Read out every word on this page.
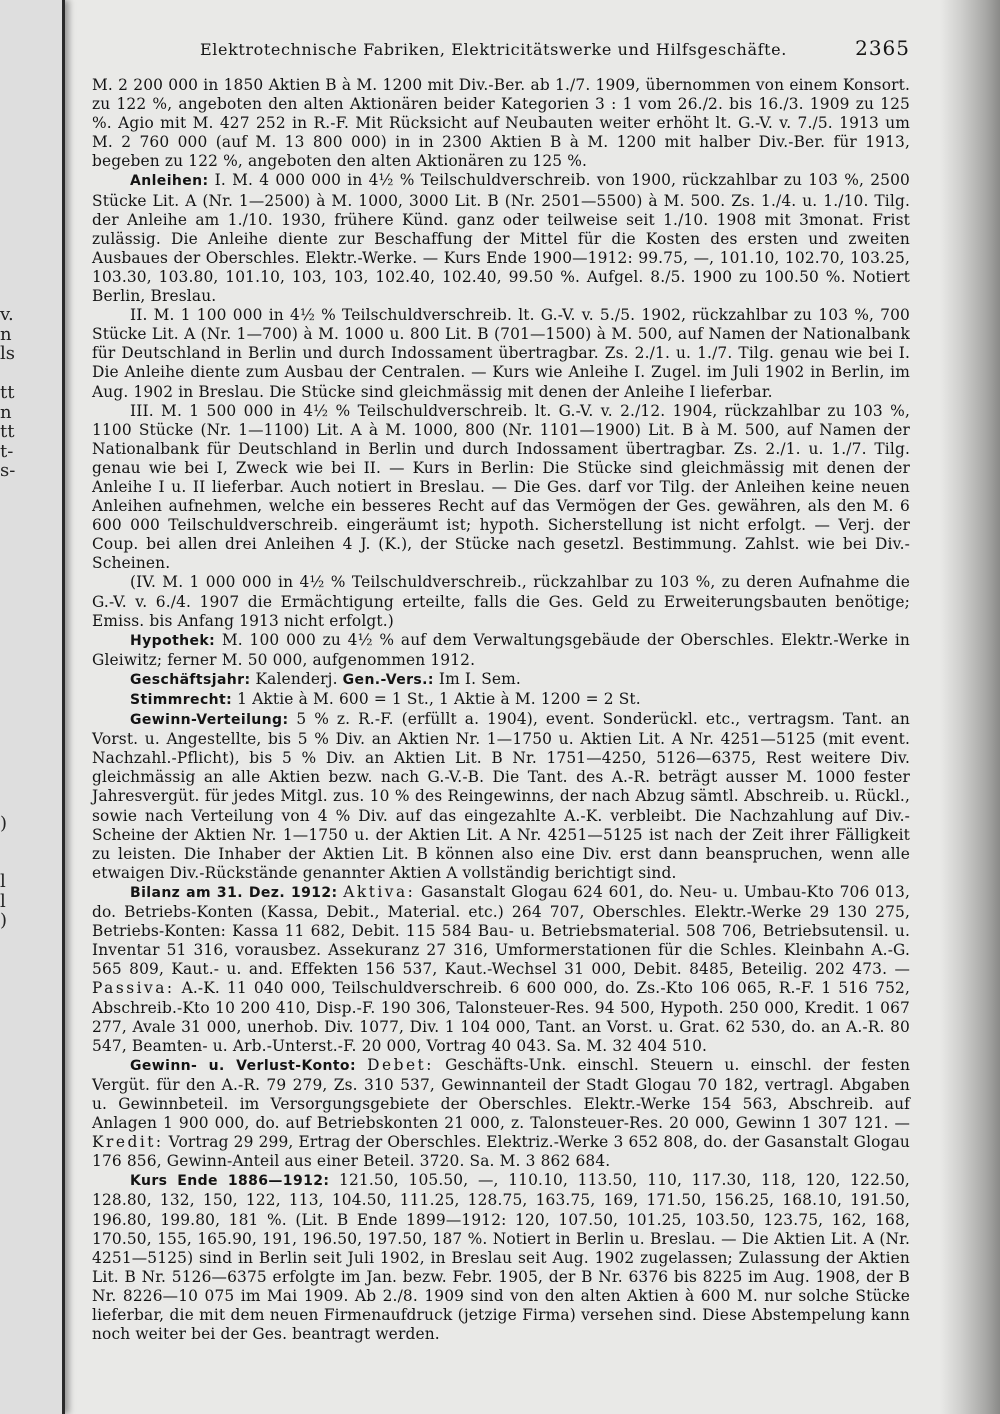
v.
n
ls
tt
n
tt
t-
s-
)
l
l
)
Elektrotechnische Fabriken, Elektricitätswerke und Hilfsgeschäfte.	2365

M. 2 200 000 in 1850 Aktien B à M. 1200 mit Div.-Ber. ab 1./7. 1909, übernommen von einem Konsort. zu 122 %, angeboten den alten Aktionären beider Kategorien 3 : 1 vom 26./2. bis 16./3. 1909 zu 125 %. Agio mit M. 427 252 in R.-F. Mit Rücksicht auf Neubauten weiter erhöht lt. G.-V. v. 7./5. 1913 um M. 2 760 000 (auf M. 13 800 000) in in 2300 Aktien B à M. 1200 mit halber Div.-Ber. für 1913, begeben zu 122 %, angeboten den alten Aktionären zu 125 %.

Anleihen: I. M. 4 000 000 in 4½ % Teilschuldverschreib. von 1900, rückzahlbar zu 103 %, 2500 Stücke Lit. A (Nr. 1—2500) à M. 1000, 3000 Lit. B (Nr. 2501—5500) à M. 500. Zs. 1./4. u. 1./10. Tilg. der Anleihe am 1./10. 1930, frühere Künd. ganz oder teilweise seit 1./10. 1908 mit 3monat. Frist zulässig. Die Anleihe diente zur Beschaffung der Mittel für die Kosten des ersten und zweiten Ausbaues der Oberschles. Elektr.-Werke. — Kurs Ende 1900—1912: 99.75, —, 101.10, 102.70, 103.25, 103.30, 103.80, 101.10, 103, 103, 102.40, 102.40, 99.50 %. Aufgel. 8./5. 1900 zu 100.50 %. Notiert Berlin, Breslau.

II. M. 1 100 000 in 4½ % Teilschuldverschreib. lt. G.-V. v. 5./5. 1902, rückzahlbar zu 103 %, 700 Stücke Lit. A (Nr. 1—700) à M. 1000 u. 800 Lit. B (701—1500) à M. 500, auf Namen der Nationalbank für Deutschland in Berlin und durch Indossament übertragbar. Zs. 2./1. u. 1./7. Tilg. genau wie bei I. Die Anleihe diente zum Ausbau der Centralen. — Kurs wie Anleihe I. Zugel. im Juli 1902 in Berlin, im Aug. 1902 in Breslau. Die Stücke sind gleichmässig mit denen der Anleihe I lieferbar.

III. M. 1 500 000 in 4½ % Teilschuldverschreib. lt. G.-V. v. 2./12. 1904, rückzahlbar zu 103 %, 1100 Stücke (Nr. 1—1100) Lit. A à M. 1000, 800 (Nr. 1101—1900) Lit. B à M. 500, auf Namen der Nationalbank für Deutschland in Berlin und durch Indossament übertragbar. Zs. 2./1. u. 1./7. Tilg. genau wie bei I, Zweck wie bei II. — Kurs in Berlin: Die Stücke sind gleichmässig mit denen der Anleihe I u. II lieferbar. Auch notiert in Breslau. — Die Ges. darf vor Tilg. der Anleihen keine neuen Anleihen aufnehmen, welche ein besseres Recht auf das Vermögen der Ges. gewähren, als den M. 6 600 000 Teilschuldverschreib. eingeräumt ist; hypoth. Sicherstellung ist nicht erfolgt. — Verj. der Coup. bei allen drei Anleihen 4 J. (K.), der Stücke nach gesetzl. Bestimmung. Zahlst. wie bei Div.-Scheinen.

(IV. M. 1 000 000 in 4½ % Teilschuldverschreib., rückzahlbar zu 103 %, zu deren Aufnahme die G.-V. v. 6./4. 1907 die Ermächtigung erteilte, falls die Ges. Geld zu Erweiterungsbauten benötige; Emiss. bis Anfang 1913 nicht erfolgt.)

Hypothek: M. 100 000 zu 4½ % auf dem Verwaltungsgebäude der Oberschles. Elektr.-Werke in Gleiwitz; ferner M. 50 000, aufgenommen 1912.

Geschäftsjahr: Kalenderj. Gen.-Vers.: Im I. Sem.

Stimmrecht: 1 Aktie à M. 600 = 1 St., 1 Aktie à M. 1200 = 2 St.

Gewinn-Verteilung: 5 % z. R.-F. (erfüllt a. 1904), event. Sonderückl. etc., vertragsm. Tant. an Vorst. u. Angestellte, bis 5 % Div. an Aktien Nr. 1—1750 u. Aktien Lit. A Nr. 4251—5125 (mit event. Nachzahl.-Pflicht), bis 5 % Div. an Aktien Lit. B Nr. 1751—4250, 5126—6375, Rest weitere Div. gleichmässig an alle Aktien bezw. nach G.-V.-B. Die Tant. des A.-R. beträgt ausser M. 1000 fester Jahresvergüt. für jedes Mitgl. zus. 10 % des Reingewinns, der nach Abzug sämtl. Abschreib. u. Rückl., sowie nach Verteilung von 4 % Div. auf das eingezahlte A.-K. verbleibt. Die Nachzahlung auf Div.-Scheine der Aktien Nr. 1—1750 u. der Aktien Lit. A Nr. 4251—5125 ist nach der Zeit ihrer Fälligkeit zu leisten. Die Inhaber der Aktien Lit. B können also eine Div. erst dann beanspruchen, wenn alle etwaigen Div.-Rückstände genannter Aktien A vollständig berichtigt sind.

Bilanz am 31. Dez. 1912: Aktiva: Gasanstalt Glogau 624 601, do. Neu- u. Umbau-Kto 706 013, do. Betriebs-Konten (Kassa, Debit., Material. etc.) 264 707, Oberschles. Elektr.-Werke 29 130 275, Betriebs-Konten: Kassa 11 682, Debit. 115 584 Bau- u. Betriebsmaterial. 508 706, Betriebsutensil. u. Inventar 51 316, vorausbez. Assekuranz 27 316, Umformerstationen für die Schles. Kleinbahn A.-G. 565 809, Kaut.- u. and. Effekten 156 537, Kaut.-Wechsel 31 000, Debit. 8485, Beteilig. 202 473. — Passiva: A.-K. 11 040 000, Teilschuldverschreib. 6 600 000, do. Zs.-Kto 106 065, R.-F. 1 516 752, Abschreib.-Kto 10 200 410, Disp.-F. 190 306, Talonsteuer-Res. 94 500, Hypoth. 250 000, Kredit. 1 067 277, Avale 31 000, unerhob. Div. 1077, Div. 1 104 000, Tant. an Vorst. u. Grat. 62 530, do. an A.-R. 80 547, Beamten- u. Arb.-Unterst.-F. 20 000, Vortrag 40 043. Sa. M. 32 404 510.

Gewinn- u. Verlust-Konto: Debet: Geschäfts-Unk. einschl. Steuern u. einschl. der festen Vergüt. für den A.-R. 79 279, Zs. 310 537, Gewinnanteil der Stadt Glogau 70 182, vertragl. Abgaben u. Gewinnbeteil. im Versorgungsgebiete der Oberschles. Elektr.-Werke 154 563, Abschreib. auf Anlagen 1 900 000, do. auf Betriebskonten 21 000, z. Talonsteuer-Res. 20 000, Gewinn 1 307 121. — Kredit: Vortrag 29 299, Ertrag der Oberschles. Elektriz.-Werke 3 652 808, do. der Gasanstalt Glogau 176 856, Gewinn-Anteil aus einer Beteil. 3720. Sa. M. 3 862 684.

Kurs Ende 1886—1912: 121.50, 105.50, —, 110.10, 113.50, 110, 117.30, 118, 120, 122.50, 128.80, 132, 150, 122, 113, 104.50, 111.25, 128.75, 163.75, 169, 171.50, 156.25, 168.10, 191.50, 196.80, 199.80, 181 %. (Lit. B Ende 1899—1912: 120, 107.50, 101.25, 103.50, 123.75, 162, 168, 170.50, 155, 165.90, 191, 196.50, 197.50, 187 %. Notiert in Berlin u. Breslau. — Die Aktien Lit. A (Nr. 4251—5125) sind in Berlin seit Juli 1902, in Breslau seit Aug. 1902 zugelassen; Zulassung der Aktien Lit. B Nr. 5126—6375 erfolgte im Jan. bezw. Febr. 1905, der B Nr. 6376 bis 8225 im Aug. 1908, der B Nr. 8226—10 075 im Mai 1909. Ab 2./8. 1909 sind von den alten Aktien à 600 M. nur solche Stücke lieferbar, die mit dem neuen Firmenaufdruck (jetzige Firma) versehen sind. Diese Abstempelung kann noch weiter bei der Ges. beantragt werden.
